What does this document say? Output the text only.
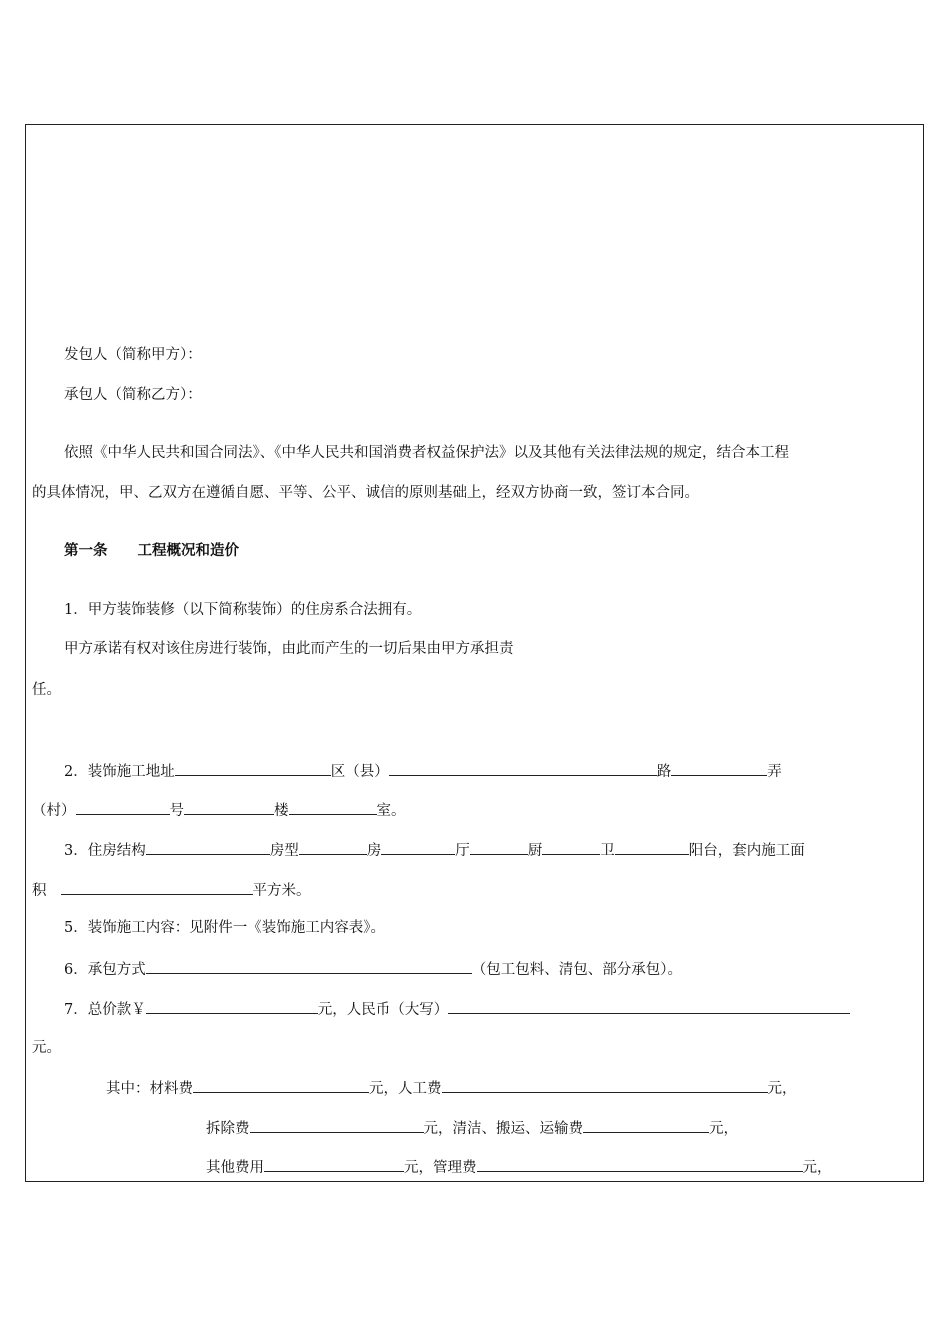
发包人（简称甲方）：
承包人（简称乙方）：
依照《中华人民共和国合同法》、《中华人民共和国消费者权益保护法》以及其他有关法律法规的规定，结合本工程
的具体情况，甲、乙双方在遵循自愿、平等、公平、诚信的原则基础上，经双方协商一致，签订本合同。
第一条 工程概况和造价
1．甲方装饰装修（以下简称装饰）的住房系合法拥有。
甲方承诺有权对该住房进行装饰，由此而产生的一切后果由甲方承担责
任。
2．装饰施工地址	区（县）	路	弄
（村）	号	楼	室。
3．住房结构	房型	房	厅	厨	卫	阳台，套内施工面
积	平方米。
5．装饰施工内容：见附件一《装饰施工内容表》。
6．承包方式	（包工包料、清包、部分承包）。
7．总价款￥	元，人民币（大写）
元。
其中：材料费	元，人工费	元，
拆除费	元，清洁、搬运、运输费	元，
其他费用	元，管理费	元，
